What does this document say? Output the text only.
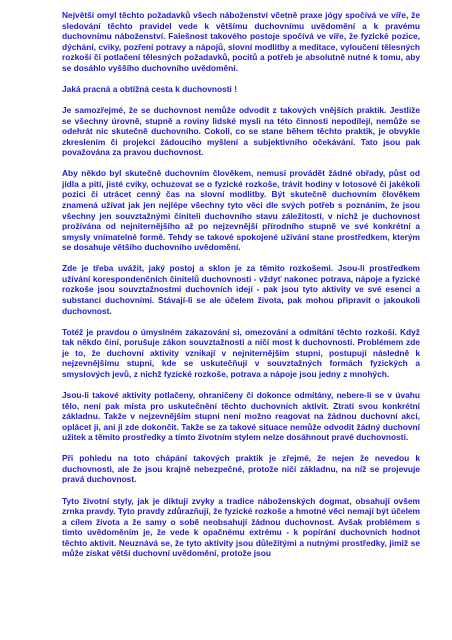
Největší omyl těchto požadavků všech náboženství včetně praxe jógy spočívá ve víře, že sledování těchto pravidel vede k většímu duchovnímu uvědomění a k pravému duchovnímu náboženství. Falešnost takového postoje spočívá ve víře, že fyzické pozice, dýchání, cviky, pozření potravy a nápojů, slovní modlitby a meditace, vyloučení tělesných rozkoší či potlačení tělesných požadavků, pocitů a potřeb je absolutně nutné k tomu, aby se dosáhlo vyššího duchovního uvědomění.

Jaká pracná a obtížná cesta k duchovnosti !

Je samozřejmé, že se duchovnost nemůže odvodit z takových vnějších praktik. Jestliže se všechny úrovně, stupně a roviny lidské mysli na této činnosti nepodílejí, nemůže se odehrát nic skutečně duchovního. Cokoli, co se stane během těchto praktik, je obvykle zkreslením či projekcí žádoucího myšlení a subjektivního očekávání. Tato jsou pak považována za pravou duchovnost.

Aby někdo byl skutečně duchovním člověkem, nemusí provádět žádné obřady, půst od jídla a pití, jisté cviky, ochuzovat se o fyzické rozkoše, trávit hodiny v lotosové či jakékoli pozici či utrácet cenný čas na slovní modlitby. Být skutečně duchovním člověkem znamená užívat jak jen nejlépe všechny tyto věci dle svých potřeb s poznáním, že jsou všechny jen souvztažnými činiteli duchovního stavu záležitostí, v nichž je duchovnost prožívána od nejniternějšího až po nejzevnější přírodního stupně ve své konkrétní a smysly vnímatelné formě. Tehdy se takové spokojené užívání stane prostředkem, kterým se dosahuje většího duchovního uvědomění.

Zde je třeba uvážit, jaký postoj a sklon je za těmito rozkošemi. Jsou-li prostředkem užívání korespondenčních činitelů duchovnosti - vždyť nakonec potrava, nápoje a fyzické rozkoše jsou souvztažnostmi duchovních idejí - pak jsou tyto aktivity ve své esenci a substanci duchovními. Stávají-li se ale účelem života, pak mohou připravit o jakoukoli duchovnost.

Totéž je pravdou o úmyslném zakazování si, omezování a odmítání těchto rozkoší. Když tak někdo činí, porušuje zákon souvztažnosti a ničí most k duchovnosti. Problémem zde je to, že duchovní aktivity vznikají v nejniternějším stupni, postupují následně k nejzevnějšímu stupni, kde se uskutečňují v souvztažných formách fyzických a smyslových jevů, z nichž fyzické rozkoše, potrava a nápoje jsou jedny z mnohých.

Jsou-li takové aktivity potlačeny, ohraničeny či dokonce odmítány, nebere-li se v úvahu tělo, není pak místa pro uskutečnění těchto duchovních aktivit. Ztratí svou konkrétní základnu. Takže v nejzevnějším stupni není možno reagovat na žádnou duchovní akci, oplácet ji, ani ji zde dokončit. Takže se za takové situace nemůže odvodit žádný duchovní užitek a těmito prostředky a tímto životním stylem nelze dosáhnout pravé duchovnosti.

Při pohledu na toto chápání takových praktik je zřejmé, že nejen že nevedou k duchovnosti, ale že jsou krajně nebezpečné, protože ničí základnu, na níž se projevuje pravá duchovnost.

Tyto životní styly, jak je diktují zvyky a tradice náboženských dogmat, obsahují ovšem zrnka pravdy. Tyto pravdy zdůrazňují, že fyzické rozkoše a hmotné věci nemají být účelem a cílem života a že samy o sobě neobsahují žádnou duchovnost. Avšak problémem s tímto uvědoměním je, že vede k opačnému extrému - k popírání duchovních hodnot těchto aktivit. Neuznává se, že tyto aktivity jsou důležitými a nutnými prostředky, jimiž se může získat větší duchovní uvědomění, protože jsou
